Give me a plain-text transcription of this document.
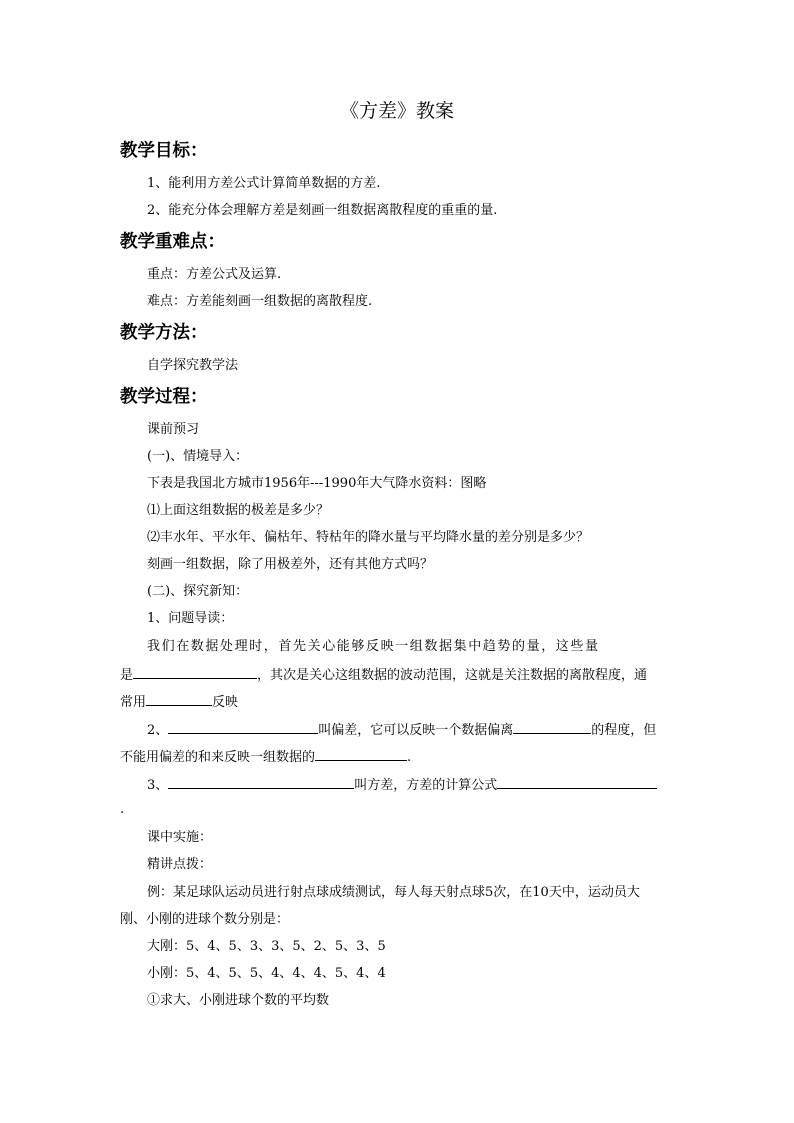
《方差》教案
教学目标：
1、能利用方差公式计算简单数据的方差.
2、能充分体会理解方差是刻画一组数据离散程度的重重的量.
教学重难点：
重点：方差公式及运算.
难点：方差能刻画一组数据的离散程度.
教学方法：
自学探究教学法
教学过程：
课前预习
(一)、情境导入：
下表是我国北方城市1956年---1990年大气降水资料：图略
⑴上面这组数据的极差是多少？
⑵丰水年、平水年、偏枯年、特枯年的降水量与平均降水量的差分别是多少？
刻画一组数据，除了用极差外，还有其他方式吗？
(二)、探究新知：
1、问题导读：
我们在数据处理时，首先关心能够反映一组数据集中趋势的量，这些量
是	，其次是关心这组数据的波动范围，这就是关注数据的离散程度，通
常用	反映
2、	叫偏差，它可以反映一个数据偏离	的程度，但
不能用偏差的和来反映一组数据的	.
3、	叫方差，方差的计算公式
.
课中实施：
精讲点拨：
例：某足球队运动员进行射点球成绩测试，每人每天射点球5次，在10天中，运动员大
刚、小刚的进球个数分别是：
大刚：5、4、5、3、3、5、2、5、3、5
小刚：5、4、5、5、4、4、4、5、4、4
①求大、小刚进球个数的平均数
